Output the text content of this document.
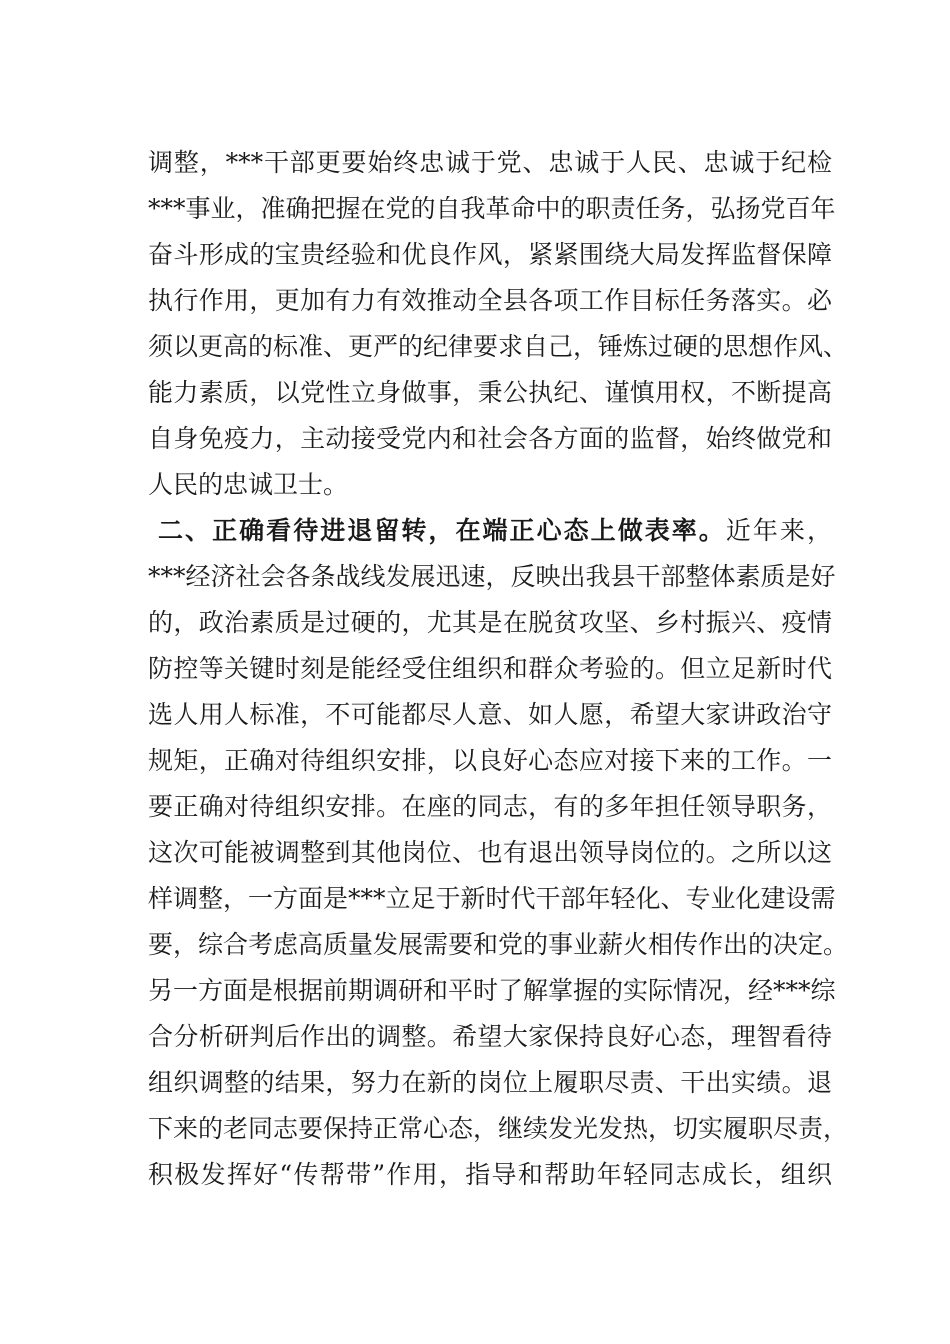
调整，***干部更要始终忠诚于党、忠诚于人民、忠诚于纪检
***事业，准确把握在党的自我革命中的职责任务，弘扬党百年
奋斗形成的宝贵经验和优良作风，紧紧围绕大局发挥监督保障
执行作用，更加有力有效推动全县各项工作目标任务落实。必
须以更高的标准、更严的纪律要求自己，锤炼过硬的思想作风、
能力素质，以党性立身做事，秉公执纪、谨慎用权，不断提高
自身免疫力，主动接受党内和社会各方面的监督，始终做党和
人民的忠诚卫士。
二、正确看待进退留转，在端正心态上做表率。近年来，
***经济社会各条战线发展迅速，反映出我县干部整体素质是好
的，政治素质是过硬的，尤其是在脱贫攻坚、乡村振兴、疫情
防控等关键时刻是能经受住组织和群众考验的。但立足新时代
选人用人标准，不可能都尽人意、如人愿，希望大家讲政治守
规矩，正确对待组织安排，以良好心态应对接下来的工作。一
要正确对待组织安排。在座的同志，有的多年担任领导职务，
这次可能被调整到其他岗位、也有退出领导岗位的。之所以这
样调整，一方面是***立足于新时代干部年轻化、专业化建设需
要，综合考虑高质量发展需要和党的事业薪火相传作出的决定。
另一方面是根据前期调研和平时了解掌握的实际情况，经***综
合分析研判后作出的调整。希望大家保持良好心态，理智看待
组织调整的结果，努力在新的岗位上履职尽责、干出实绩。退
下来的老同志要保持正常心态，继续发光发热，切实履职尽责，
积极发挥好“传帮带”作用，指导和帮助年轻同志成长，组织
